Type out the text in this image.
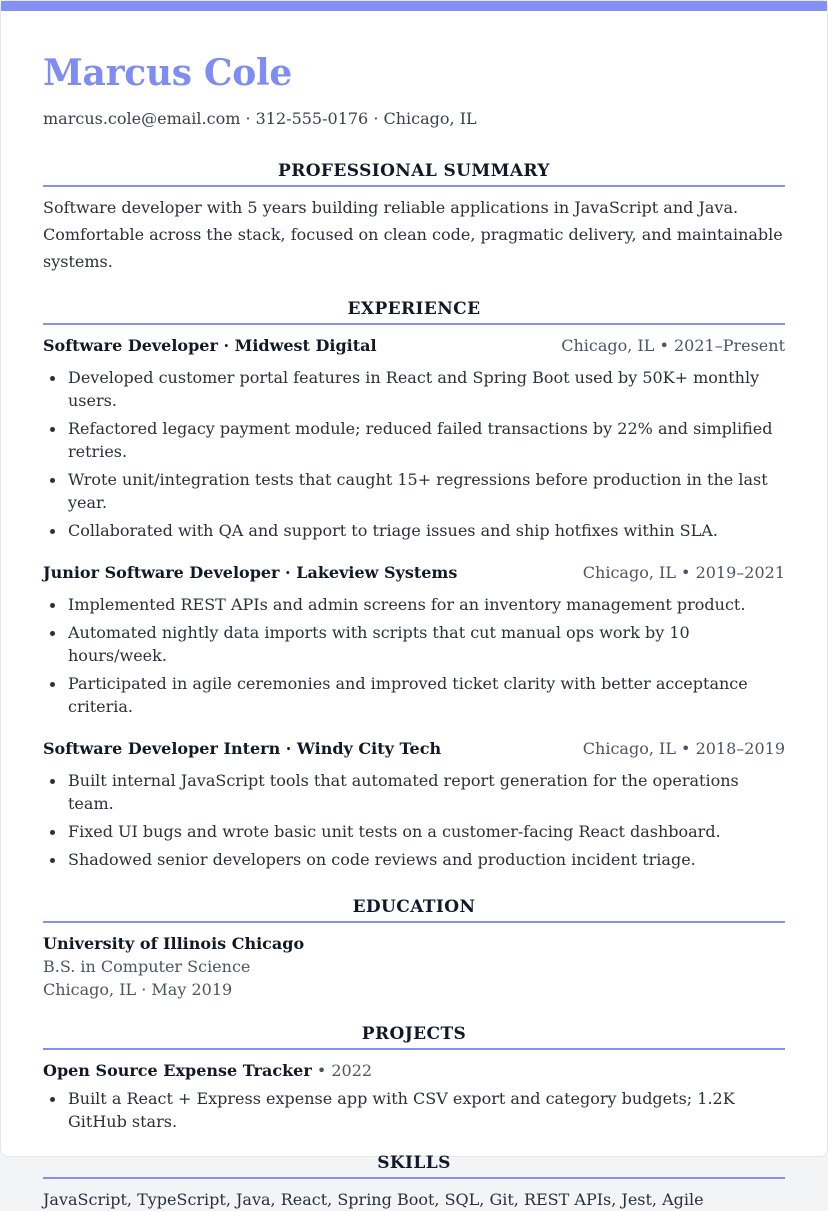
Marcus Cole
marcus.cole@email.com · 312-555-0176 · Chicago, IL
PROFESSIONAL SUMMARY
Software developer with 5 years building reliable applications in JavaScript and Java. Comfortable across the stack, focused on clean code, pragmatic delivery, and maintainable systems.
EXPERIENCE
Software Developer · Midwest Digital	Chicago, IL • 2021–Present
Developed customer portal features in React and Spring Boot used by 50K+ monthly users.
Refactored legacy payment module; reduced failed transactions by 22% and simplified retries.
Wrote unit/integration tests that caught 15+ regressions before production in the last year.
Collaborated with QA and support to triage issues and ship hotfixes within SLA.
Junior Software Developer · Lakeview Systems	Chicago, IL • 2019–2021
Implemented REST APIs and admin screens for an inventory management product.
Automated nightly data imports with scripts that cut manual ops work by 10 hours/week.
Participated in agile ceremonies and improved ticket clarity with better acceptance criteria.
Software Developer Intern · Windy City Tech	Chicago, IL • 2018–2019
Built internal JavaScript tools that automated report generation for the operations team.
Fixed UI bugs and wrote basic unit tests on a customer-facing React dashboard.
Shadowed senior developers on code reviews and production incident triage.
EDUCATION
University of Illinois Chicago
B.S. in Computer Science
Chicago, IL · May 2019
PROJECTS
Open Source Expense Tracker • 2022
Built a React + Express expense app with CSV export and category budgets; 1.2K GitHub stars.
SKILLS
JavaScript, TypeScript, Java, React, Spring Boot, SQL, Git, REST APIs, Jest, Agile
